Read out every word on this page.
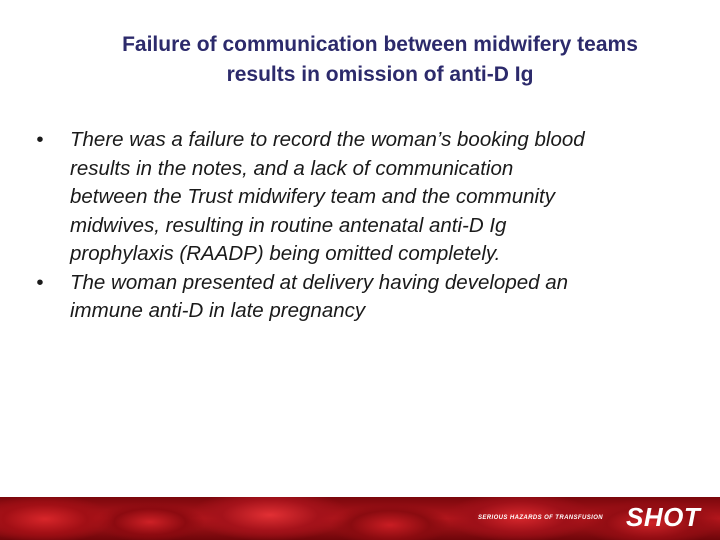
Failure of communication between midwifery teams
results in omission of anti-D Ig
•	There was a failure to record the woman’s booking blood
results in the notes, and a lack of communication
between the Trust midwifery team and the community
midwives, resulting in routine antenatal anti-D Ig
prophylaxis (RAADP) being omitted completely.
•	The woman presented at delivery having developed an
immune anti-D in late pregnancy
SERIOUS HAZARDS OF TRANSFUSION SHOT
